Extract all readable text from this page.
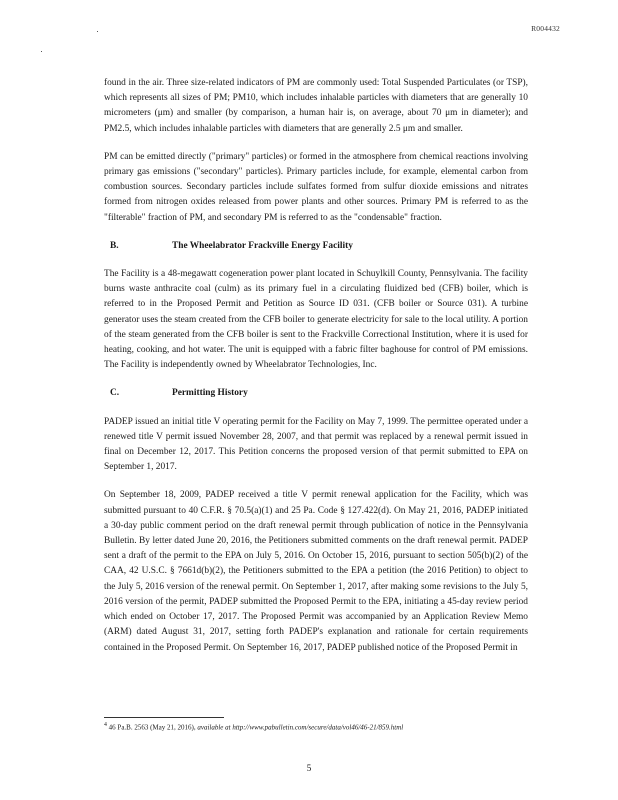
R004432

found in the air. Three size-related indicators of PM are commonly used: Total Suspended Particulates (or TSP), which represents all sizes of PM; PM10, which includes inhalable particles with diameters that are generally 10 micrometers (μm) and smaller (by comparison, a human hair is, on average, about 70 μm in diameter); and PM2.5, which includes inhalable particles with diameters that are generally 2.5 μm and smaller.

PM can be emitted directly ("primary" particles) or formed in the atmosphere from chemical reactions involving primary gas emissions ("secondary" particles). Primary particles include, for example, elemental carbon from combustion sources. Secondary particles include sulfates formed from sulfur dioxide emissions and nitrates formed from nitrogen oxides released from power plants and other sources. Primary PM is referred to as the "filterable" fraction of PM, and secondary PM is referred to as the "condensable" fraction.

B.	The Wheelabrator Frackville Energy Facility

The Facility is a 48-megawatt cogeneration power plant located in Schuylkill County, Pennsylvania. The facility burns waste anthracite coal (culm) as its primary fuel in a circulating fluidized bed (CFB) boiler, which is referred to in the Proposed Permit and Petition as Source ID 031. (CFB boiler or Source 031). A turbine generator uses the steam created from the CFB boiler to generate electricity for sale to the local utility. A portion of the steam generated from the CFB boiler is sent to the Frackville Correctional Institution, where it is used for heating, cooking, and hot water. The unit is equipped with a fabric filter baghouse for control of PM emissions. The Facility is independently owned by Wheelabrator Technologies, Inc.

C.	Permitting History

PADEP issued an initial title V operating permit for the Facility on May 7, 1999. The permittee operated under a renewed title V permit issued November 28, 2007, and that permit was replaced by a renewal permit issued in final on December 12, 2017. This Petition concerns the proposed version of that permit submitted to EPA on September 1, 2017.

On September 18, 2009, PADEP received a title V permit renewal application for the Facility, which was submitted pursuant to 40 C.F.R. § 70.5(a)(1) and 25 Pa. Code § 127.422(d). On May 21, 2016, PADEP initiated a 30-day public comment period on the draft renewal permit through publication of notice in the Pennsylvania Bulletin. By letter dated June 20, 2016, the Petitioners submitted comments on the draft renewal permit. PADEP sent a draft of the permit to the EPA on July 5, 2016. On October 15, 2016, pursuant to section 505(b)(2) of the CAA, 42 U.S.C. § 7661d(b)(2), the Petitioners submitted to the EPA a petition (the 2016 Petition) to object to the July 5, 2016 version of the renewal permit. On September 1, 2017, after making some revisions to the July 5, 2016 version of the permit, PADEP submitted the Proposed Permit to the EPA, initiating a 45-day review period which ended on October 17, 2017. The Proposed Permit was accompanied by an Application Review Memo (ARM) dated August 31, 2017, setting forth PADEP's explanation and rationale for certain requirements contained in the Proposed Permit. On September 16, 2017, PADEP published notice of the Proposed Permit in

$^4$ 46 Pa.B. 2563 (May 21, 2016), available at http://www.pabulletin.com/secure/data/vol46/46-21/859.html
5
